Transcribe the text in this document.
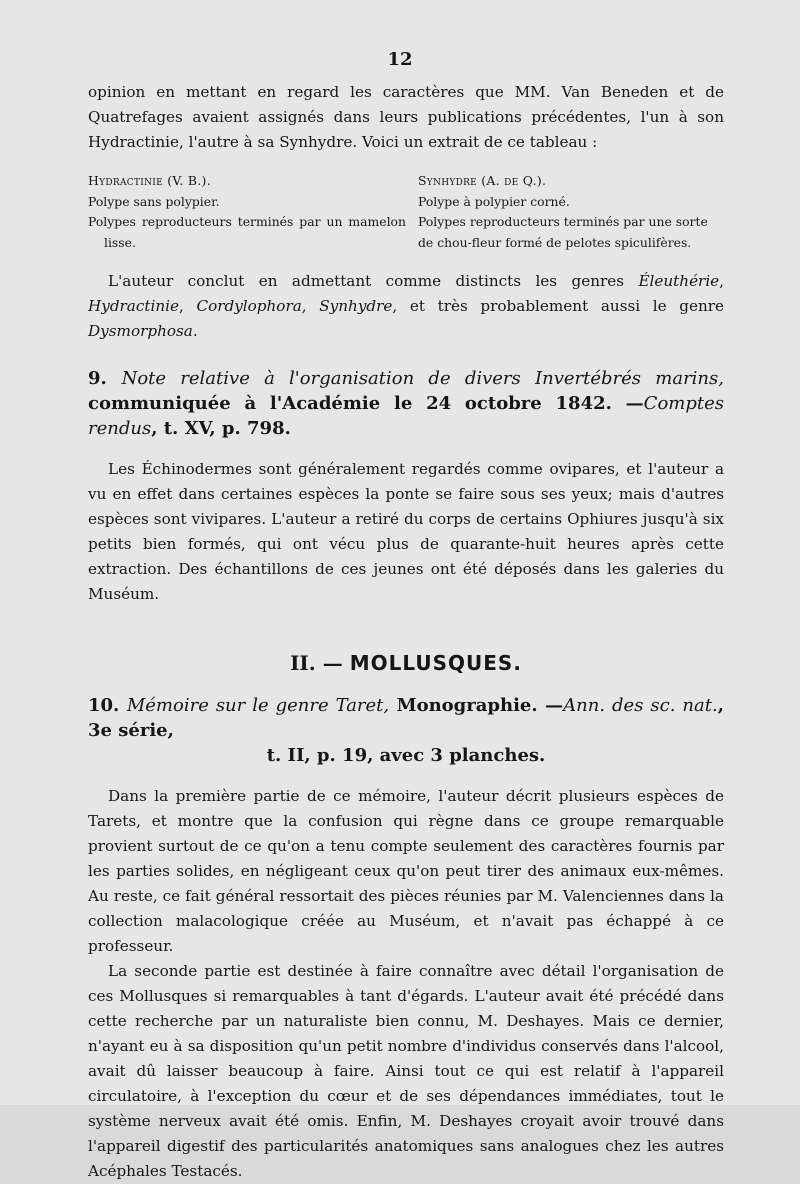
12

opinion en mettant en regard les caractères que MM. Van Beneden et de Quatrefages avaient assignés dans leurs publications précédentes, l'un à son Hydractinie, l'autre à sa Synhydre. Voici un extrait de ce tableau :

Hydractinie (V. B.).
Polype sans polypier.
Polypes reproducteurs terminés par un mamelon lisse.
Synhydre (A. de Q.).
Polype à polypier corné.
Polypes reproducteurs terminés par une sorte
de chou-fleur formé de pelotes spiculifères.

L'auteur conclut en admettant comme distincts les genres Éleuthérie, Hydractinie, Cordylophora, Synhydre, et très probablement aussi le genre Dysmorphosa.

9. Note relative à l'organisation de divers Invertébrés marins, communiquée à l'Académie le 24 octobre 1842. —Comptes rendus, t. XV, p. 798.

Les Échinodermes sont généralement regardés comme ovipares, et l'auteur a vu en effet dans certaines espèces la ponte se faire sous ses yeux; mais d'autres espèces sont vivipares. L'auteur a retiré du corps de certains Ophiures jusqu'à six petits bien formés, qui ont vécu plus de quarante-huit heures après cette extraction. Des échantillons de ces jeunes ont été déposés dans les galeries du Muséum.

II. — MOLLUSQUES.

10. Mémoire sur le genre Taret, Monographie. —Ann. des sc. nat., 3e série,

t. II, p. 19, avec 3 planches.

Dans la première partie de ce mémoire, l'auteur décrit plusieurs espèces de Tarets, et montre que la confusion qui règne dans ce groupe remarquable provient surtout de ce qu'on a tenu compte seulement des caractères fournis par les parties solides, en négligeant ceux qu'on peut tirer des animaux eux-mêmes. Au reste, ce fait général ressortait des pièces réunies par M. Valenciennes dans la collection malacologique créée au Muséum, et n'avait pas échappé à ce professeur.

La seconde partie est destinée à faire connaître avec détail l'organisation de ces Mollusques si remarquables à tant d'égards. L'auteur avait été précédé dans cette recherche par un naturaliste bien connu, M. Deshayes. Mais ce dernier, n'ayant eu à sa disposition qu'un petit nombre d'individus conservés dans l'alcool, avait dû laisser beaucoup à faire. Ainsi tout ce qui est relatif à l'appareil circulatoire, à l'exception du cœur et de ses dépendances immédiates, tout le système nerveux avait été omis. Enfin, M. Deshayes croyait avoir trouvé dans l'appareil digestif des particularités anatomiques sans analogues chez les autres Acéphales Testacés.
